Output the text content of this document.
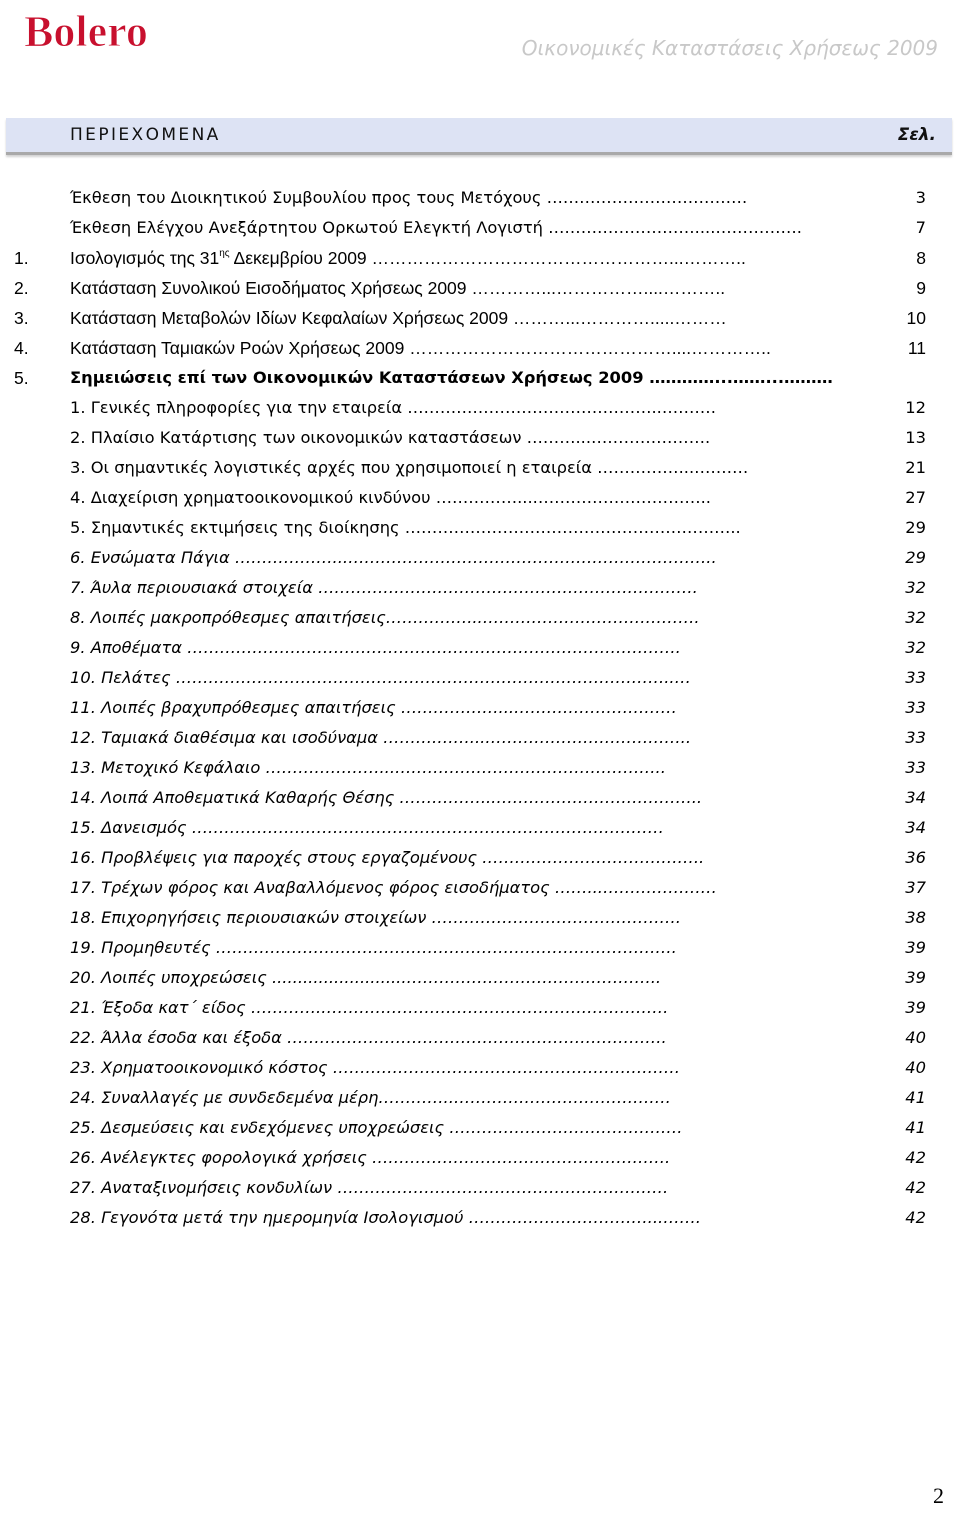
Bolero	Οικονομικές Καταστάσεις Χρήσεως 2009
ΠΕΡΙΕΧΟΜΕΝΑ	Σελ.
Έκθεση του Διοικητικού Συμβουλίου προς τους Μετόχους ……………………………….	3
Έκθεση Ελέγχου Ανεξάρτητου Ορκωτού Ελεγκτή Λογιστή ………………………....…………….	7
1. Ισολογισμός της $31^{\eta\varsigma}$ Δεκεμβρίου 2009 ……………………………………………...………..	8
2. Κατάσταση Συνολικού Εισοδήματος Χρήσεως 2009 …………...……………....………..	9
3. Κατάσταση Μεταβολών Ιδίων Κεφαλαίων Χρήσεως 2009 ………...………….....………	10
4. Κατάσταση Ταμιακών Ροών Χρήσεως 2009 ………………………………………....…………..	11
5.	Σημειώσεις επί των Οικονομικών Καταστάσεων Χρήσεως 2009 …………...……...………
1. Γενικές πληροφορίες για την εταιρεία ………………………………………..……….	12
2. Πλαίσιο Κατάρτισης των οικονομικών καταστάσεων ………...………………….	13
3. Οι σημαντικές λογιστικές αρχές που χρησιμοποιεί η εταιρεία ……………...……….	21
4. Διαχείριση χρηματοοικονομικού κινδύνου ……………....…………………………..	27
5. Σημαντικές εκτιμήσεις της διοίκησης ……………………………………………………..	29
6. Ενσώματα Πάγια ………………...…………………………………………………………..	29
7. Άυλα περιουσιακά στοιχεία …………………………………………………………….	32
8. Λοιπές μακροπρόθεσμες απαιτήσεις……………...………………………………….	32
9. Αποθέματα ……………………………………………………………………………….	32
10. Πελάτες ………………………………………………………………………………..…	33
11. Λοιπές βραχυπρόθεσμες απαιτήσεις ………………...…………………………	33
12. Ταμιακά διαθέσιμα και ισοδύναμα ……….……...………………………………..	33
13. Μετοχικό Κεφάλαιο …………………...…………………………………………..	33
14. Λοιπά Αποθεματικά Καθαρής Θέσης ……………...………………………………..	34
15. Δανεισμός ……………………………………………………………………………	34
16. Προβλέψεις για παροχές στους εργαζομένους …………………………………..	36
17. Τρέχων φόρος και Αναβαλλόμενος φόρος εισοδήματος ……...…………………	37
18. Επιχορηγήσεις περιουσιακών στοιχείων ……………………………………….	38
19. Προμηθευτές ………………………………………………………………………….	39
20. Λοιπές υποχρεώσεις ..........................………………………………………..	39
21. Έξοδα κατ΄ είδος ………….……………………………………………………….	39
22. Άλλα έσοδα και έξοδα …………………………………………………………….	40
23. Χρηματοοικονομικό κόστος ……………………………………………………….	40
24. Συναλλαγές με συνδεδεμένα μέρη…………..………………………………….	41
25. Δεσμεύσεις και ενδεχόμενες υποχρεώσεις …………………………………….	41
26. Ανέλεγκτες φορολογικά χρήσεις ……………………………………………….	42
27. Αναταξινομήσεις κονδυλίων …………………………………………………….	42
28. Γεγονότα μετά την ημερομηνία Ισολογισμού ……………………………...…….	42
2
